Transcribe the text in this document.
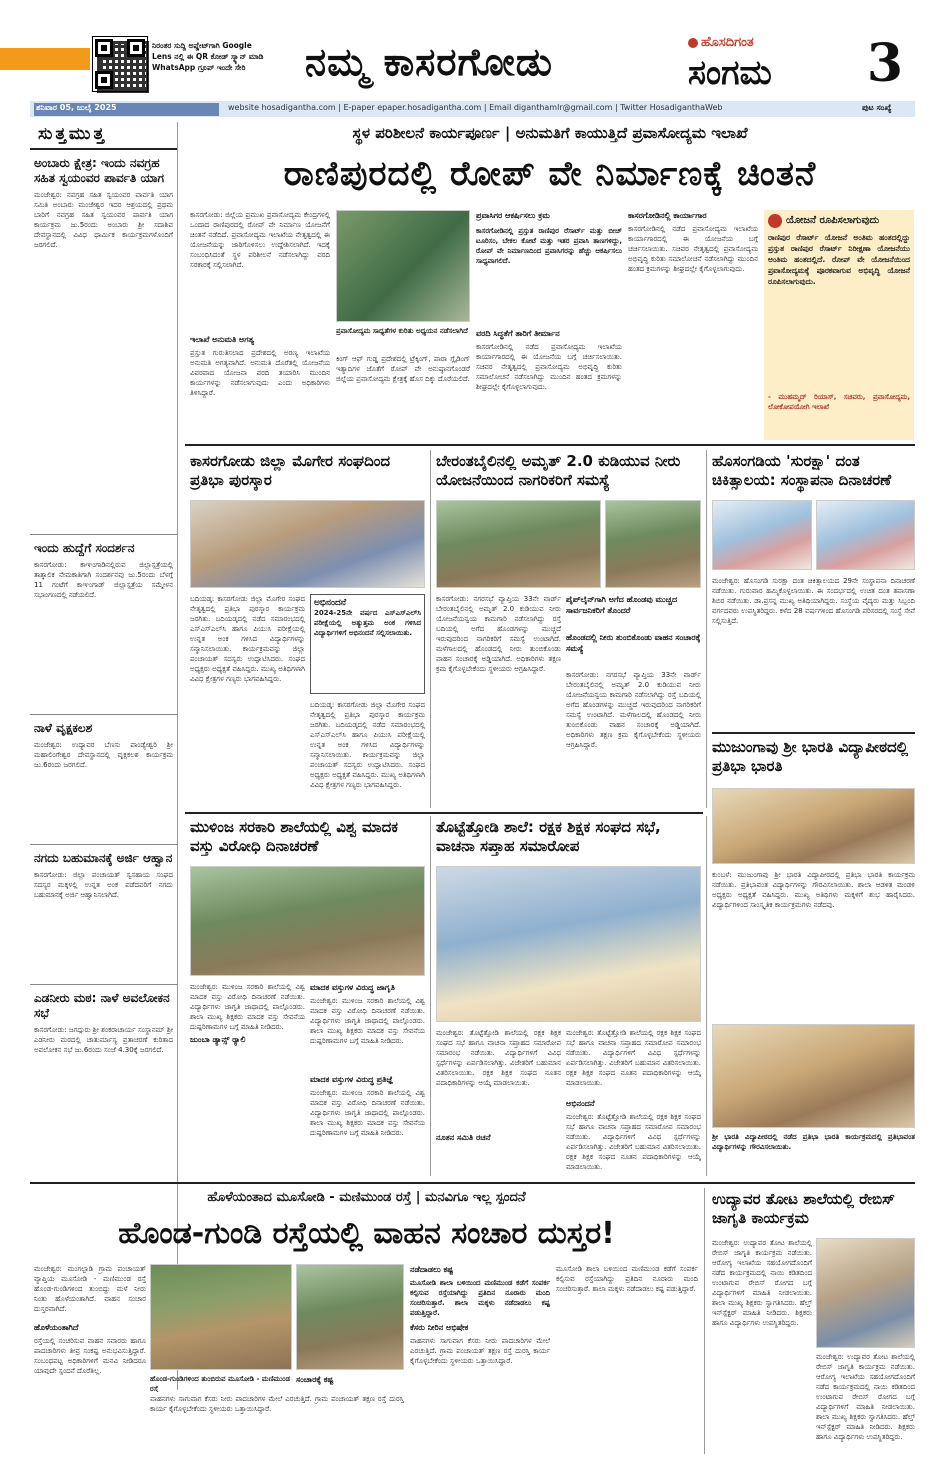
ನಿರಂತರ ಸುದ್ದಿ ಅಪ್ಡೇಟ್‌ಗಾಗಿ Google Lens ನಲ್ಲಿ ಈ QR ಕೋಡ್ ಸ್ಕ್ಯಾನ್ ಮಾಡಿ WhatsApp ಗ್ರೂಪ್ ಇಂದೇ ಸೇರಿ	ನಮ್ಮ ಕಾಸರಗೋಡು	ಹೊಸದಿಗಂತ
ಸಂಗಮ	3
ಶನಿವಾರ 05, ಜುಲೈ 2025	website hosadiganthа.com | E-paper epaper.hosadigantha.com | Email diganthamlr@gmail.com | Twitter HosadiganthaWeb	ಪುಟ ಸಂಖ್ಯೆ
ಸುತ್ತಮುತ್ತ
ಅಂಬಾರು ಕ್ಷೇತ್ರ: ಇಂದು ನವಗ್ರಹ ಸಹಿತ ಸ್ವಯಂವರ ಪಾರ್ವತಿ ಯಾಗ
ಮಂಜೇಶ್ವರ: ನವಗ್ರಹ ಸಹಿತ ಸ್ವಯಂವರ ಪಾರ್ವತಿ ಯಾಗ ಸಮಿತಿ ಅಂಬಾರು ಮಂಜೇಶ್ವರ ಇದರ ಆಶ್ರಯದಲ್ಲಿ ಪ್ರಥಮ ಬಾರಿಗೆ ನವಗ್ರಹ ಸಹಿತ ಸ್ವಯಂವರ ಪಾರ್ವತಿ ಯಾಗ ಕಾರ್ಯಕ್ರಮ ಜು.5ರಂದು ಅಂಬಾರು ಶ್ರೀ ಸದಾಶಿವ ದೇವಸ್ಥಾನದಲ್ಲಿ ವಿವಿಧ ಧಾರ್ಮಿಕ ಕಾರ್ಯಕ್ರಮಗಳೊಂದಿಗೆ ಜರಗಲಿದೆ.
ಇಂದು ಹುದ್ದೆಗೆ ಸಂದರ್ಶನ
ಕಾಸರಗೋಡು: ಕಾಞಂಗಾಡಿನಲ್ಲಿರುವ ಜಿಲ್ಲಾಸ್ಪತ್ರೆಯಲ್ಲಿ ತಾತ್ಕಾಲಿಕ ನೇಮಕಾತಿಗಾಗಿ ಸಂದರ್ಶನವು ಜು.5ರಂದು ಬೆಳಗ್ಗೆ 11 ಗಂಟೆಗೆ ಕಾಞಂಗಾಡ್ ಜಿಲ್ಲಾಸ್ಪತ್ರೆಯ ಸಮ್ಮೇಳನ ಸಭಾಂಗಣದಲ್ಲಿ ನಡೆಯಲಿದೆ.
ನಾಳೆ ವೃಕ್ಷಕಲಶ
ಮಂಜೇಶ್ವರ: ಉದ್ಯಾವರ ಬೆಣಸು ಪಾಂಡ್ಯೇಶ್ವರಿ ಶ್ರೀ ಮಹಾಲಿಂಗೇಶ್ವರ ದೇವಸ್ಥಾನದಲ್ಲಿ ವೃಕ್ಷಕಲಶ ಕಾರ್ಯಕ್ರಮ ಜು.6ರಂದು ಜರಗಲಿದೆ.
ನಗದು ಬಹುಮಾನಕ್ಕೆ ಅರ್ಜಿ ಆಹ್ವಾನ
ಕಾಸರಗೋಡು: ಜಿಲ್ಲಾ ಪಂಚಾಯತ್ ಸ್ವಸಹಾಯ ಸಂಘದ ಸದಸ್ಯರ ಮಕ್ಕಳಲ್ಲಿ ಉನ್ನತ ಅಂಕ ಪಡೆದವರಿಗೆ ನಗದು ಬಹುಮಾನಕ್ಕೆ ಅರ್ಜಿ ಆಹ್ವಾನಿಸಲಾಗಿದೆ.
ಎಡನೀರು ಮಠ: ನಾಳೆ ಅವಲೋಕನ ಸಭೆ
ಕಾಸರಗೋಡು: ಜಗದ್ಗುರು ಶ್ರೀ ಶಂಕರಾಚಾರ್ಯ ಸಂಸ್ಥಾನಮ್ ಶ್ರೀ ಎಡನೀರು ಮಠದಲ್ಲಿ ಚಾತುರ್ಮಾಸ್ಯ ವ್ರತಾಚರಣೆ ಕುರಿತಾದ ಅವಲೋಕನ ಸಭೆ ಜು.6ರಂದು ಸಂಜೆ 4.30ಕ್ಕೆ ಜರಗಲಿದೆ.
ಸ್ಥಳ ಪರಿಶೀಲನೆ ಕಾರ್ಯಪೂರ್ಣ | ಅನುಮತಿಗೆ ಕಾಯುತ್ತಿದೆ ಪ್ರವಾಸೋದ್ಯಮ ಇಲಾಖೆ
ರಾಣಿಪುರದಲ್ಲಿ ರೋಪ್ ವೇ ನಿರ್ಮಾಣಕ್ಕೆ ಚಿಂತನೆ
ಕಾಸರಗೋಡು: ಜಿಲ್ಲೆಯ ಪ್ರಮುಖ ಪ್ರವಾಸೋದ್ಯಮ ಕೇಂದ್ರಗಳಲ್ಲಿ ಒಂದಾದ ರಾಣಿಪುರದಲ್ಲಿ ರೋಪ್ ವೇ ನಿರ್ಮಾಣ ಯೋಜನೆಗೆ ಚಿಂತನೆ ನಡೆದಿದೆ. ಪ್ರವಾಸೋದ್ಯಮ ಇಲಾಖೆಯ ನೇತೃತ್ವದಲ್ಲಿ ಈ ಯೋಜನೆಯನ್ನು ಜಾರಿಗೊಳಿಸಲು ಉದ್ದೇಶಿಸಲಾಗಿದೆ. ಇದಕ್ಕೆ ಸಂಬಂಧಿಸಿದಂತೆ ಸ್ಥಳ ಪರಿಶೀಲನೆ ನಡೆಸಲಾಗಿದ್ದು ವರದಿ ಸರಕಾರಕ್ಕೆ ಸಲ್ಲಿಸಲಾಗಿದೆ.
ಪ್ರವಾಸಿಗರ ಆಕರ್ಷಿಸಲು ಕ್ರಮ
ಕಾಸರಗೋಡಿನಲ್ಲಿ ಪ್ರಸ್ತುತ ರಾಣಿಪುರ ರೆಸಾರ್ಟ್ ಮತ್ತು ಬೀಚ್ ಟೂರಿಸಂ, ಬೇಕಲ ಕೋಟೆ ಮತ್ತು ಇತರ ಪ್ರವಾಸಿ ತಾಣಗಳಿದ್ದು, ರೋಪ್ ವೇ ನಿರ್ಮಾಣದಿಂದ ಪ್ರವಾಸಿಗರನ್ನು ಹೆಚ್ಚು ಆಕರ್ಷಿಸಲು ಸಾಧ್ಯವಾಗಲಿದೆ.
ಇಲಾಖೆ ಅನುಮತಿ ಅಗತ್ಯ
ಪ್ರಸ್ತುತ ಗುರುತಿಸಲಾದ ಪ್ರದೇಶದಲ್ಲಿ ಅರಣ್ಯ ಇಲಾಖೆಯ ಅನುಮತಿ ಅಗತ್ಯವಾಗಿದೆ. ಅನುಮತಿ ದೊರೆತಲ್ಲಿ ಯೋಜನೆಯ ವಿವರವಾದ ಯೋಜನಾ ವರದಿ ತಯಾರಿಸಿ ಮುಂದಿನ ಕಾರ್ಯಗಳನ್ನು ನಡೆಸಲಾಗುವುದು ಎಂದು ಅಧಿಕಾರಿಗಳು ತಿಳಿಸಿದ್ದಾರೆ.
ಪ್ರವಾಸೋದ್ಯಮ ಸಾಧ್ಯತೆಗಳ ಕುರಿತು ಅಧ್ಯಯನ ನಡೆಸಲಾಗಿದೆ
ಕಿಂಗ್ ಆಫ್ ಗುಡ್ಡ ಪ್ರದೇಶದಲ್ಲಿ ಟ್ರೆಕ್ಕಿಂಗ್, ಪಾರಾ ಗ್ಲೈಡಿಂಗ್ ಇತ್ಯಾದಿಗಳ ಜೊತೆಗೆ ರೋಪ್ ವೇ ಅನುಷ್ಠಾನಗೊಂಡರೆ ಜಿಲ್ಲೆಯ ಪ್ರವಾಸೋದ್ಯಮ ಕ್ಷೇತ್ರಕ್ಕೆ ಹೊಸ ದಿಕ್ಕು ದೊರೆಯಲಿದೆ.
ವರದಿ ಸಿದ್ಧತೆಗೆ ತಾರಿಗೆ ತೀರ್ಮಾನ
ಕಾಸರಗೋಡಿನಲ್ಲಿ ನಡೆದ ಪ್ರವಾಸೋದ್ಯಮ ಇಲಾಖೆಯ ಕಾರ್ಯಾಗಾರದಲ್ಲಿ ಈ ಯೋಜನೆಯ ಬಗ್ಗೆ ಚರ್ಚಿಸಲಾಯಿತು. ಸಚಿವರ ನೇತೃತ್ವದಲ್ಲಿ ಪ್ರವಾಸೋದ್ಯಮ ಅಭಿವೃದ್ಧಿ ಕುರಿತು ಸಮಾಲೋಚನೆ ನಡೆಸಲಾಗಿದ್ದು ಮುಂದಿನ ಹಂತದ ಕ್ರಮಗಳನ್ನು ಶೀಘ್ರದಲ್ಲೇ ಕೈಗೊಳ್ಳಲಾಗುವುದು.
ಕಾಸರಗೋಡಿನಲ್ಲಿ ಕಾರ್ಯಾಗಾರ
ಕಾಸರಗೋಡಿನಲ್ಲಿ ನಡೆದ ಪ್ರವಾಸೋದ್ಯಮ ಇಲಾಖೆಯ ಕಾರ್ಯಾಗಾರದಲ್ಲಿ ಈ ಯೋಜನೆಯ ಬಗ್ಗೆ ಚರ್ಚಿಸಲಾಯಿತು. ಸಚಿವರ ನೇತೃತ್ವದಲ್ಲಿ ಪ್ರವಾಸೋದ್ಯಮ ಅಭಿವೃದ್ಧಿ ಕುರಿತು ಸಮಾಲೋಚನೆ ನಡೆಸಲಾಗಿದ್ದು ಮುಂದಿನ ಹಂತದ ಕ್ರಮಗಳನ್ನು ಶೀಘ್ರದಲ್ಲೇ ಕೈಗೊಳ್ಳಲಾಗುವುದು.
ಯೋಜನೆ ರೂಪಿಸಲಾಗುವುದು
ರಾಣಿಪುರ ರೆಸಾರ್ಟ್ ಯೋಜನೆ ಅಂತಿಮ ಹಂತದಲ್ಲಿದ್ದು ಪ್ರಸ್ತುತ ರಾಣಿಪುರ ರೆಸಾರ್ಟ್ ನಿರೀಕ್ಷಣಾ ಯೋಜನೆಯು ಅಂತಿಮ ಹಂತದಲ್ಲಿದೆ. ರೋಪ್ ವೇ ಯೋಜನೆಯಿಂದ ಪ್ರವಾಸೋದ್ಯಮಕ್ಕೆ ಪೂರಕವಾಗುವ ಅಭಿವೃದ್ಧಿ ಯೋಜನೆ ರೂಪಿಸಲಾಗುವುದು.
- ಮುಹಮ್ಮದ್ ರಿಯಾಸ್, ಸಚಿವರು, ಪ್ರವಾಸೋದ್ಯಮ, ಲೋಕೋಪಯೋಗಿ ಇಲಾಖೆ
ಕಾಸರಗೋಡು ಜಿಲ್ಲಾ ಮೊಗೇರ ಸಂಘದಿಂದ ಪ್ರತಿಭಾ ಪುರಸ್ಕಾರ
ಬದಿಯಡ್ಕ: ಕಾಸರಗೋಡು ಜಿಲ್ಲಾ ಮೊಗೇರ ಸಂಘದ ನೇತೃತ್ವದಲ್ಲಿ ಪ್ರತಿಭಾ ಪುರಸ್ಕಾರ ಕಾರ್ಯಕ್ರಮ ಜರಗಿತು. ಬದಿಯಡ್ಕದಲ್ಲಿ ನಡೆದ ಸಮಾರಂಭದಲ್ಲಿ ಎಸ್ಎಸ್ಎಲ್‌ಸಿ ಹಾಗೂ ಪಿಯುಸಿ ಪರೀಕ್ಷೆಯಲ್ಲಿ ಉನ್ನತ ಅಂಕ ಗಳಿಸಿದ ವಿದ್ಯಾರ್ಥಿಗಳನ್ನು ಸನ್ಮಾನಿಸಲಾಯಿತು. ಕಾರ್ಯಕ್ರಮವನ್ನು ಜಿಲ್ಲಾ ಪಂಚಾಯತ್ ಸದಸ್ಯರು ಉದ್ಘಾಟಿಸಿದರು. ಸಂಘದ ಅಧ್ಯಕ್ಷರು ಅಧ್ಯಕ್ಷತೆ ವಹಿಸಿದ್ದರು. ಮುಖ್ಯ ಅತಿಥಿಗಳಾಗಿ ವಿವಿಧ ಕ್ಷೇತ್ರಗಳ ಗಣ್ಯರು ಭಾಗವಹಿಸಿದ್ದರು.
ಅಭಿನಂದನೆ
2024-25ನೇ ವರ್ಷದ ಎಸ್ಎಸ್ಎಲ್‌ಸಿ ಪರೀಕ್ಷೆಯಲ್ಲಿ ಅತ್ಯುತ್ತಮ ಅಂಕ ಗಳಿಸಿದ ವಿದ್ಯಾರ್ಥಿಗಳಿಗೆ ಅಭಿನಂದನೆ ಸಲ್ಲಿಸಲಾಯಿತು.
ಬದಿಯಡ್ಕ: ಕಾಸರಗೋಡು ಜಿಲ್ಲಾ ಮೊಗೇರ ಸಂಘದ ನೇತೃತ್ವದಲ್ಲಿ ಪ್ರತಿಭಾ ಪುರಸ್ಕಾರ ಕಾರ್ಯಕ್ರಮ ಜರಗಿತು. ಬದಿಯಡ್ಕದಲ್ಲಿ ನಡೆದ ಸಮಾರಂಭದಲ್ಲಿ ಎಸ್ಎಸ್ಎಲ್‌ಸಿ ಹಾಗೂ ಪಿಯುಸಿ ಪರೀಕ್ಷೆಯಲ್ಲಿ ಉನ್ನತ ಅಂಕ ಗಳಿಸಿದ ವಿದ್ಯಾರ್ಥಿಗಳನ್ನು ಸನ್ಮಾನಿಸಲಾಯಿತು. ಕಾರ್ಯಕ್ರಮವನ್ನು ಜಿಲ್ಲಾ ಪಂಚಾಯತ್ ಸದಸ್ಯರು ಉದ್ಘಾಟಿಸಿದರು. ಸಂಘದ ಅಧ್ಯಕ್ಷರು ಅಧ್ಯಕ್ಷತೆ ವಹಿಸಿದ್ದರು. ಮುಖ್ಯ ಅತಿಥಿಗಳಾಗಿ ವಿವಿಧ ಕ್ಷೇತ್ರಗಳ ಗಣ್ಯರು ಭಾಗವಹಿಸಿದ್ದರು.
ಬೇರಂತಬೈಲಿನಲ್ಲಿ ಅಮೃತ್ 2.0 ಕುಡಿಯುವ ನೀರು ಯೋಜನೆಯಿಂದ ನಾಗರಿಕರಿಗೆ ಸಮಸ್ಯೆ
ಕಾಸರಗೋಡು: ನಗರಸಭೆ ವ್ಯಾಪ್ತಿಯ 33ನೇ ವಾರ್ಡ್ ಬೇರಂತಬೈಲಿನಲ್ಲಿ ಅಮೃತ್ 2.0 ಕುಡಿಯುವ ನೀರು ಯೋಜನೆಯನ್ವಯ ಕಾಮಗಾರಿ ನಡೆಸಲಾಗಿದ್ದು ರಸ್ತೆ ಬದಿಯಲ್ಲಿ ಅಗೆದ ಹೊಂಡಗಳನ್ನು ಮುಚ್ಚದೆ ಇರುವುದರಿಂದ ನಾಗರಿಕರಿಗೆ ಸಮಸ್ಯೆ ಉಂಟಾಗಿದೆ. ಮಳೆಗಾಲದಲ್ಲಿ ಹೊಂಡದಲ್ಲಿ ನೀರು ತುಂಬಿಕೊಂಡು ವಾಹನ ಸಂಚಾರಕ್ಕೆ ಅಡ್ಡಿಯಾಗಿದೆ. ಅಧಿಕಾರಿಗಳು ತಕ್ಷಣ ಕ್ರಮ ಕೈಗೊಳ್ಳಬೇಕೆಂದು ಸ್ಥಳೀಯರು ಆಗ್ರಹಿಸಿದ್ದಾರೆ.
ಪೈಪ್‌ಲೈನ್‌ಗಾಗಿ ಅಗೆದ ಹೊಂಡವು ಮುಚ್ಚದ ಸಾರ್ವಜನಿಕರಿಗೆ ತೊಂದರೆ
ಹೊಂಡದಲ್ಲಿ ನೀರು ತುಂಬಿಕೊಂಡು ವಾಹನ ಸಂಚಾರಕ್ಕೆ ಸಮಸ್ಯೆ
ಕಾಸರಗೋಡು: ನಗರಸಭೆ ವ್ಯಾಪ್ತಿಯ 33ನೇ ವಾರ್ಡ್ ಬೇರಂತಬೈಲಿನಲ್ಲಿ ಅಮೃತ್ 2.0 ಕುಡಿಯುವ ನೀರು ಯೋಜನೆಯನ್ವಯ ಕಾಮಗಾರಿ ನಡೆಸಲಾಗಿದ್ದು ರಸ್ತೆ ಬದಿಯಲ್ಲಿ ಅಗೆದ ಹೊಂಡಗಳನ್ನು ಮುಚ್ಚದೆ ಇರುವುದರಿಂದ ನಾಗರಿಕರಿಗೆ ಸಮಸ್ಯೆ ಉಂಟಾಗಿದೆ. ಮಳೆಗಾಲದಲ್ಲಿ ಹೊಂಡದಲ್ಲಿ ನೀರು ತುಂಬಿಕೊಂಡು ವಾಹನ ಸಂಚಾರಕ್ಕೆ ಅಡ್ಡಿಯಾಗಿದೆ. ಅಧಿಕಾರಿಗಳು ತಕ್ಷಣ ಕ್ರಮ ಕೈಗೊಳ್ಳಬೇಕೆಂದು ಸ್ಥಳೀಯರು ಆಗ್ರಹಿಸಿದ್ದಾರೆ.
ಹೊಸಂಗಡಿಯ 'ಸುರಕ್ಷಾ' ದಂತ ಚಿಕಿತ್ಸಾಲಯ: ಸಂಸ್ಥಾಪನಾ ದಿನಾಚರಣೆ
ಮಂಜೇಶ್ವರ: ಹೊಸಂಗಡಿ ಸುರಕ್ಷಾ ದಂತ ಚಿಕಿತ್ಸಾಲಯದ 29ನೇ ಸಂಸ್ಥಾಪನಾ ದಿನಾಚರಣೆ ನಡೆಯಿತು. ಗುರುವಾರ ಹಮ್ಮಿಕೊಳ್ಳಲಾಯಿತು. ಈ ಸಂದರ್ಭದಲ್ಲಿ ಉಚಿತ ದಂತ ತಪಾಸಣಾ ಶಿಬಿರ ನಡೆಯಿತು. ಡಾ.ಪ್ರಸನ್ನ ಮುಖ್ಯ ಅತಿಥಿಯಾಗಿದ್ದರು. ಸಂಸ್ಥೆಯ ವೈದ್ಯರು ಮತ್ತು ಸಿಬ್ಬಂದಿ ವರ್ಗದವರು ಉಪಸ್ಥಿತರಿದ್ದರು. ಕಳೆದ 28 ವರ್ಷಗಳಿಂದ ಹೊಸಂಗಡಿ ಪರಿಸರದಲ್ಲಿ ಸಂಸ್ಥೆ ಸೇವೆ ಸಲ್ಲಿಸುತ್ತಿದೆ.
ಮುಜುಂಗಾವು ಶ್ರೀ ಭಾರತಿ ವಿದ್ಯಾಪೀಠದಲ್ಲಿ ಪ್ರತಿಭಾ ಭಾರತಿ
ಕುಂಬಳೆ: ಮುಜುಂಗಾವು ಶ್ರೀ ಭಾರತಿ ವಿದ್ಯಾಪೀಠದಲ್ಲಿ ಪ್ರತಿಭಾ ಭಾರತಿ ಕಾರ್ಯಕ್ರಮ ನಡೆಯಿತು. ಪ್ರತಿಭಾವಂತ ವಿದ್ಯಾರ್ಥಿಗಳನ್ನು ಗೌರವಿಸಲಾಯಿತು. ಶಾಲಾ ಆಡಳಿತ ಮಂಡಳಿ ಅಧ್ಯಕ್ಷರು ಅಧ್ಯಕ್ಷತೆ ವಹಿಸಿದ್ದರು. ಮುಖ್ಯ ಅತಿಥಿಗಳು ಮಕ್ಕಳಿಗೆ ಶುಭ ಹಾರೈಸಿದರು. ವಿದ್ಯಾರ್ಥಿಗಳಿಂದ ಸಾಂಸ್ಕೃತಿಕ ಕಾರ್ಯಕ್ರಮಗಳು ನಡೆದವು.
ಶ್ರೀ ಭಾರತಿ ವಿದ್ಯಾಪೀಠದಲ್ಲಿ ನಡೆದ ಪ್ರತಿಭಾ ಭಾರತಿ ಕಾರ್ಯಕ್ರಮದಲ್ಲಿ ಪ್ರತಿಭಾವಂತ ವಿದ್ಯಾರ್ಥಿಗಳನ್ನು ಗೌರವಿಸಲಾಯಿತು.
ಮುಳಿಂಜ ಸರಕಾರಿ ಶಾಲೆಯಲ್ಲಿ ವಿಶ್ವ ಮಾದಕ ವಸ್ತು ವಿರೋಧಿ ದಿನಾಚರಣೆ
ಮಂಜೇಶ್ವರ: ಮುಳಿಂಜ ಸರಕಾರಿ ಶಾಲೆಯಲ್ಲಿ ವಿಶ್ವ ಮಾದಕ ವಸ್ತು ವಿರೋಧಿ ದಿನಾಚರಣೆ ನಡೆಯಿತು. ವಿದ್ಯಾರ್ಥಿಗಳು ಜಾಗೃತಿ ಜಾಥಾದಲ್ಲಿ ಪಾಲ್ಗೊಂಡರು. ಶಾಲಾ ಮುಖ್ಯ ಶಿಕ್ಷಕರು ಮಾದಕ ವಸ್ತು ಸೇವನೆಯ ದುಷ್ಪರಿಣಾಮಗಳ ಬಗ್ಗೆ ಮಾಹಿತಿ ನೀಡಿದರು.
ಜುಂಬಾ ಡ್ಯಾನ್ಸ್ ರ‍್ಯಾಲಿ
ಮಾದಕ ವಸ್ತುಗಳ ವಿರುದ್ಧ ಜಾಗೃತಿ
ಮಂಜೇಶ್ವರ: ಮುಳಿಂಜ ಸರಕಾರಿ ಶಾಲೆಯಲ್ಲಿ ವಿಶ್ವ ಮಾದಕ ವಸ್ತು ವಿರೋಧಿ ದಿನಾಚರಣೆ ನಡೆಯಿತು. ವಿದ್ಯಾರ್ಥಿಗಳು ಜಾಗೃತಿ ಜಾಥಾದಲ್ಲಿ ಪಾಲ್ಗೊಂಡರು. ಶಾಲಾ ಮುಖ್ಯ ಶಿಕ್ಷಕರು ಮಾದಕ ವಸ್ತು ಸೇವನೆಯ ದುಷ್ಪರಿಣಾಮಗಳ ಬಗ್ಗೆ ಮಾಹಿತಿ ನೀಡಿದರು.
ಮಾದಕ ವಸ್ತುಗಳ ವಿರುದ್ಧ ಪ್ರತಿಜ್ಞೆ
ಮಂಜೇಶ್ವರ: ಮುಳಿಂಜ ಸರಕಾರಿ ಶಾಲೆಯಲ್ಲಿ ವಿಶ್ವ ಮಾದಕ ವಸ್ತು ವಿರೋಧಿ ದಿನಾಚರಣೆ ನಡೆಯಿತು. ವಿದ್ಯಾರ್ಥಿಗಳು ಜಾಗೃತಿ ಜಾಥಾದಲ್ಲಿ ಪಾಲ್ಗೊಂಡರು. ಶಾಲಾ ಮುಖ್ಯ ಶಿಕ್ಷಕರು ಮಾದಕ ವಸ್ತು ಸೇವನೆಯ ದುಷ್ಪರಿಣಾಮಗಳ ಬಗ್ಗೆ ಮಾಹಿತಿ ನೀಡಿದರು.
ತೊಟ್ಟೆತ್ತೋಡಿ ಶಾಲೆ: ರಕ್ಷಕ ಶಿಕ್ಷಕ ಸಂಘದ ಸಭೆ, ವಾಚನಾ ಸಪ್ತಾಹ ಸಮಾರೋಪ
ಮಂಜೇಶ್ವರ: ತೊಟ್ಟೆತ್ತೋಡಿ ಶಾಲೆಯಲ್ಲಿ ರಕ್ಷಕ ಶಿಕ್ಷಕ ಸಂಘದ ಸಭೆ ಹಾಗೂ ವಾಚನಾ ಸಪ್ತಾಹದ ಸಮಾರೋಪ ಸಮಾರಂಭ ನಡೆಯಿತು. ವಿದ್ಯಾರ್ಥಿಗಳಿಗೆ ವಿವಿಧ ಸ್ಪರ್ಧೆಗಳನ್ನು ಏರ್ಪಡಿಸಲಾಗಿತ್ತು. ವಿಜೇತರಿಗೆ ಬಹುಮಾನ ವಿತರಿಸಲಾಯಿತು. ರಕ್ಷಕ ಶಿಕ್ಷಕ ಸಂಘದ ನೂತನ ಪದಾಧಿಕಾರಿಗಳನ್ನು ಆಯ್ಕೆ ಮಾಡಲಾಯಿತು.
ಮಂಜೇಶ್ವರ: ತೊಟ್ಟೆತ್ತೋಡಿ ಶಾಲೆಯಲ್ಲಿ ರಕ್ಷಕ ಶಿಕ್ಷಕ ಸಂಘದ ಸಭೆ ಹಾಗೂ ವಾಚನಾ ಸಪ್ತಾಹದ ಸಮಾರೋಪ ಸಮಾರಂಭ ನಡೆಯಿತು. ವಿದ್ಯಾರ್ಥಿಗಳಿಗೆ ವಿವಿಧ ಸ್ಪರ್ಧೆಗಳನ್ನು ಏರ್ಪಡಿಸಲಾಗಿತ್ತು. ವಿಜೇತರಿಗೆ ಬಹುಮಾನ ವಿತರಿಸಲಾಯಿತು. ರಕ್ಷಕ ಶಿಕ್ಷಕ ಸಂಘದ ನೂತನ ಪದಾಧಿಕಾರಿಗಳನ್ನು ಆಯ್ಕೆ ಮಾಡಲಾಯಿತು.
ಅಭಿನಂದನೆ
ಮಂಜೇಶ್ವರ: ತೊಟ್ಟೆತ್ತೋಡಿ ಶಾಲೆಯಲ್ಲಿ ರಕ್ಷಕ ಶಿಕ್ಷಕ ಸಂಘದ ಸಭೆ ಹಾಗೂ ವಾಚನಾ ಸಪ್ತಾಹದ ಸಮಾರೋಪ ಸಮಾರಂಭ ನಡೆಯಿತು. ವಿದ್ಯಾರ್ಥಿಗಳಿಗೆ ವಿವಿಧ ಸ್ಪರ್ಧೆಗಳನ್ನು ಏರ್ಪಡಿಸಲಾಗಿತ್ತು. ವಿಜೇತರಿಗೆ ಬಹುಮಾನ ವಿತರಿಸಲಾಯಿತು. ರಕ್ಷಕ ಶಿಕ್ಷಕ ಸಂಘದ ನೂತನ ಪದಾಧಿಕಾರಿಗಳನ್ನು ಆಯ್ಕೆ ಮಾಡಲಾಯಿತು.
ನೂತನ ಸಮಿತಿ ರಚನೆ
ಹೊಳೆಯಂತಾದ ಮೂಸೋಡಿ - ಮಣಿಮುಂಡ ರಸ್ತೆ | ಮನವಿಗೂ ಇಲ್ಲ ಸ್ಪಂದನೆ
ಹೊಂಡ-ಗುಂಡಿ ರಸ್ತೆಯಲ್ಲಿ ವಾಹನ ಸಂಚಾರ ದುಸ್ತರ!
ಮಂಜೇಶ್ವರ: ಮಂಗಲ್ಪಾಡಿ ಗ್ರಾಮ ಪಂಚಾಯತ್ ವ್ಯಾಪ್ತಿಯ ಮೂಸೋಡಿ - ಮಣಿಮುಂಡ ರಸ್ತೆ ಹೊಂಡ-ಗುಂಡಿಗಳಿಂದ ತುಂಬಿದ್ದು ಮಳೆ ನೀರು ನಿಂತು ಹೊಳೆಯಂತಾಗಿದೆ. ವಾಹನ ಸಂಚಾರ ದುಸ್ತರವಾಗಿದೆ.
ಹೊಳೆಯಂತಾಗಿದೆ
ರಸ್ತೆಯಲ್ಲಿ ಸಂಚರಿಸುವ ವಾಹನ ಸವಾರರು ಹಾಗೂ ಪಾದಚಾರಿಗಳು ತೀವ್ರ ಸಂಕಷ್ಟ ಅನುಭವಿಸುತ್ತಿದ್ದಾರೆ. ಸಂಬಂಧಪಟ್ಟ ಅಧಿಕಾರಿಗಳಿಗೆ ಮನವಿ ನೀಡಿದರೂ ಯಾವುದೇ ಸ್ಪಂದನೆ ದೊರೆತಿಲ್ಲ.
ಹೊಂಡ-ಗುಂಡಿಗಳಿಂದ ತುಂಬಿರುವ ಮೂಸೋಡಿ - ಮಣಿಮುಂಡ ರಸ್ತೆ
ಸಂಚಾರಕ್ಕೆ ಕಷ್ಟ
ವಾಹನಗಳು ಸಾಗುವಾಗ ಕೆಸರು ನೀರು ಪಾದಚಾರಿಗಳ ಮೇಲೆ ಎರಚುತ್ತಿದೆ. ಗ್ರಾಮ ಪಂಚಾಯತ್ ತಕ್ಷಣ ರಸ್ತೆ ದುರಸ್ತಿ ಕಾರ್ಯ ಕೈಗೊಳ್ಳಬೇಕೆಂದು ಸ್ಥಳೀಯರು ಒತ್ತಾಯಿಸಿದ್ದಾರೆ.
ನಡೆದಾಡಲು ಕಷ್ಟ
ಮೂಸೋಡಿ ಶಾಲಾ ಬಳಿಯಿಂದ ಮಣಿಮುಂಡ ಕಡೆಗೆ ಸಂಪರ್ಕ ಕಲ್ಪಿಸುವ ರಸ್ತೆಯಾಗಿದ್ದು ಪ್ರತಿದಿನ ನೂರಾರು ಮಂದಿ ಸಂಚರಿಸುತ್ತಾರೆ. ಶಾಲಾ ಮಕ್ಕಳು ನಡೆದಾಡಲು ಕಷ್ಟ ಪಡುತ್ತಿದ್ದಾರೆ.
ಕೆಸರು ನೀರಿನ ಅಭಿಷೇಕ
ವಾಹನಗಳು ಸಾಗುವಾಗ ಕೆಸರು ನೀರು ಪಾದಚಾರಿಗಳ ಮೇಲೆ ಎರಚುತ್ತಿದೆ. ಗ್ರಾಮ ಪಂಚಾಯತ್ ತಕ್ಷಣ ರಸ್ತೆ ದುರಸ್ತಿ ಕಾರ್ಯ ಕೈಗೊಳ್ಳಬೇಕೆಂದು ಸ್ಥಳೀಯರು ಒತ್ತಾಯಿಸಿದ್ದಾರೆ.
ಮೂಸೋಡಿ ಶಾಲಾ ಬಳಿಯಿಂದ ಮಣಿಮುಂಡ ಕಡೆಗೆ ಸಂಪರ್ಕ ಕಲ್ಪಿಸುವ ರಸ್ತೆಯಾಗಿದ್ದು ಪ್ರತಿದಿನ ನೂರಾರು ಮಂದಿ ಸಂಚರಿಸುತ್ತಾರೆ. ಶಾಲಾ ಮಕ್ಕಳು ನಡೆದಾಡಲು ಕಷ್ಟ ಪಡುತ್ತಿದ್ದಾರೆ.
ಉದ್ಯಾವರ ತೋಟ ಶಾಲೆಯಲ್ಲಿ ರೇಬಿಸ್ ಜಾಗೃತಿ ಕಾರ್ಯಕ್ರಮ
ಮಂಜೇಶ್ವರ: ಉದ್ಯಾವರ ತೋಟ ಶಾಲೆಯಲ್ಲಿ ರೇಬಿಸ್ ಜಾಗೃತಿ ಕಾರ್ಯಕ್ರಮ ನಡೆಯಿತು. ಆರೋಗ್ಯ ಇಲಾಖೆಯ ಸಹಯೋಗದೊಂದಿಗೆ ನಡೆದ ಕಾರ್ಯಕ್ರಮದಲ್ಲಿ ನಾಯಿ ಕಡಿತದಿಂದ ಉಂಟಾಗುವ ರೇಬಿಸ್ ರೋಗದ ಬಗ್ಗೆ ವಿದ್ಯಾರ್ಥಿಗಳಿಗೆ ಮಾಹಿತಿ ನೀಡಲಾಯಿತು. ಶಾಲಾ ಮುಖ್ಯ ಶಿಕ್ಷಕರು ಸ್ವಾಗತಿಸಿದರು. ಹೆಲ್ತ್ ಇನ್‌ಸ್ಪೆಕ್ಟರ್ ಮಾಹಿತಿ ನೀಡಿದರು. ಶಿಕ್ಷಕರು ಹಾಗೂ ವಿದ್ಯಾರ್ಥಿಗಳು ಉಪಸ್ಥಿತರಿದ್ದರು.
ಮಂಜೇಶ್ವರ: ಉದ್ಯಾವರ ತೋಟ ಶಾಲೆಯಲ್ಲಿ ರೇಬಿಸ್ ಜಾಗೃತಿ ಕಾರ್ಯಕ್ರಮ ನಡೆಯಿತು. ಆರೋಗ್ಯ ಇಲಾಖೆಯ ಸಹಯೋಗದೊಂದಿಗೆ ನಡೆದ ಕಾರ್ಯಕ್ರಮದಲ್ಲಿ ನಾಯಿ ಕಡಿತದಿಂದ ಉಂಟಾಗುವ ರೇಬಿಸ್ ರೋಗದ ಬಗ್ಗೆ ವಿದ್ಯಾರ್ಥಿಗಳಿಗೆ ಮಾಹಿತಿ ನೀಡಲಾಯಿತು. ಶಾಲಾ ಮುಖ್ಯ ಶಿಕ್ಷಕರು ಸ್ವಾಗತಿಸಿದರು. ಹೆಲ್ತ್ ಇನ್‌ಸ್ಪೆಕ್ಟರ್ ಮಾಹಿತಿ ನೀಡಿದರು. ಶಿಕ್ಷಕರು ಹಾಗೂ ವಿದ್ಯಾರ್ಥಿಗಳು ಉಪಸ್ಥಿತರಿದ್ದರು.
